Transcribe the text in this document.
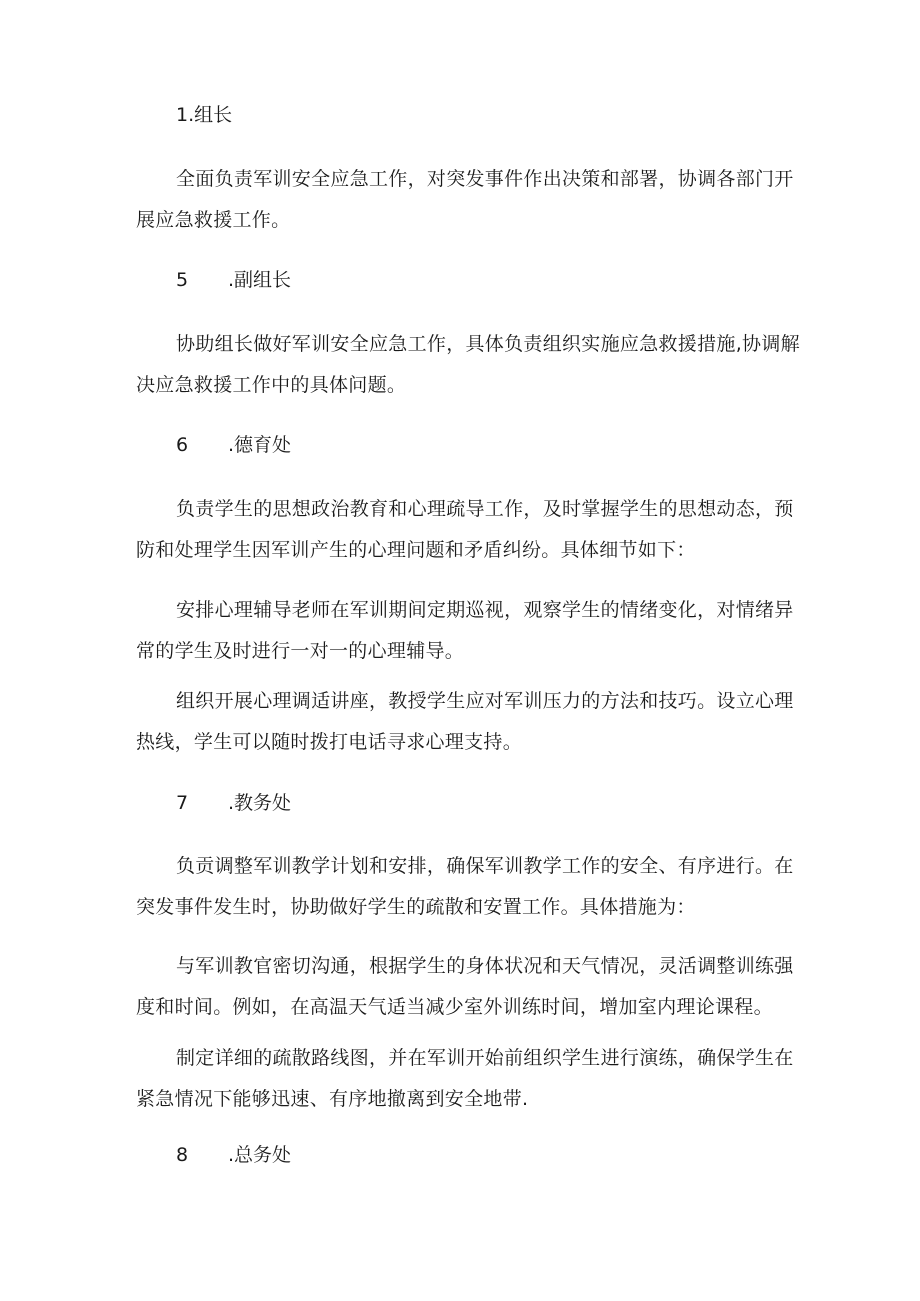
1.组长
全面负责军训安全应急工作，对突发事件作出决策和部署，协调各部门开展应急救援工作。
5 .副组长
协助组长做好军训安全应急工作，具体负责组织实施应急救援措施,协调解决应急救援工作中的具体问题。
6 .德育处
负责学生的思想政治教育和心理疏导工作，及时掌握学生的思想动态，预防和处理学生因军训产生的心理问题和矛盾纠纷。具体细节如下：
安排心理辅导老师在军训期间定期巡视，观察学生的情绪变化，对情绪异常的学生及时进行一对一的心理辅导。
组织开展心理调适讲座，教授学生应对军训压力的方法和技巧。设立心理热线，学生可以随时拨打电话寻求心理支持。
7 .教务处
负贡调整军训教学计划和安排，确保军训教学工作的安全、有序进行。在突发事件发生时，协助做好学生的疏散和安置工作。具体措施为：
与军训教官密切沟通，根据学生的身体状况和天气情况，灵活调整训练强度和时间。例如，在高温天气适当减少室外训练时间，增加室内理论课程。
制定详细的疏散路线图，并在军训开始前组织学生进行演练，确保学生在紧急情况下能够迅速、有序地撤离到安全地带.
8 .总务处
